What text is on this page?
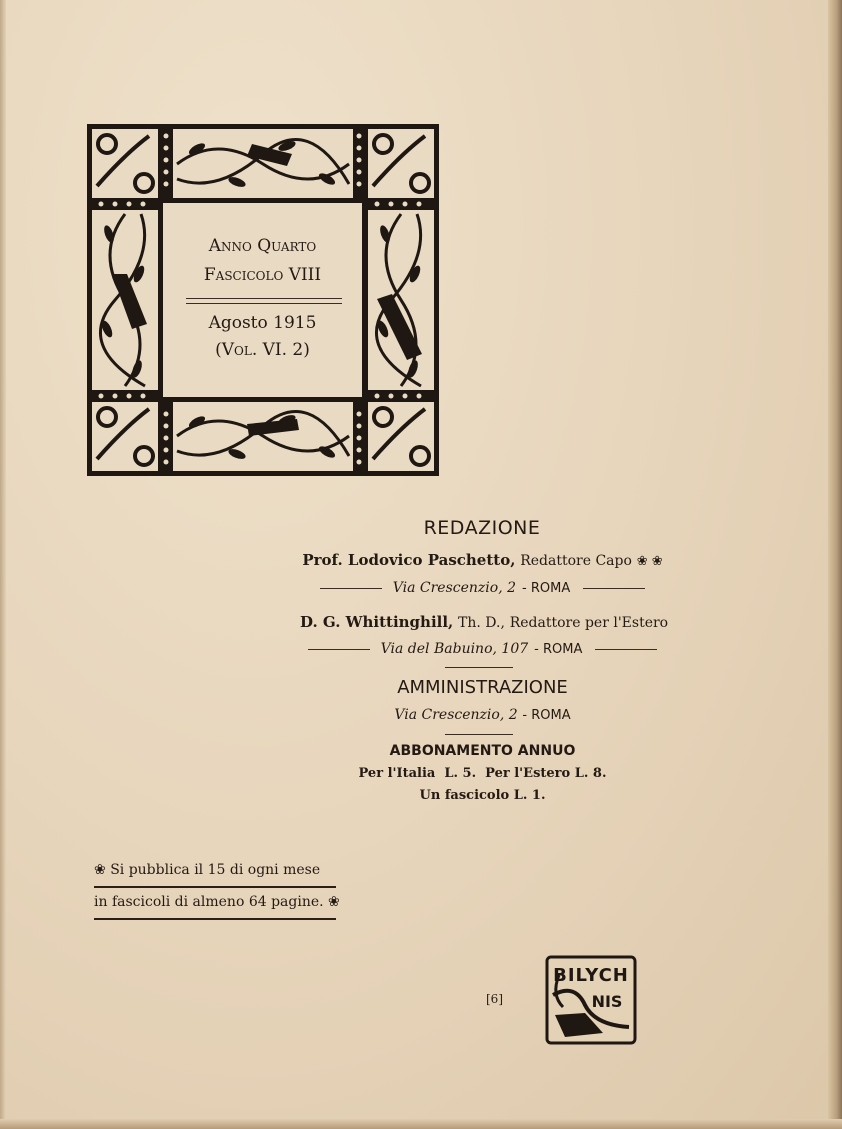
Anno Quarto
Fascicolo VIII
Agosto 1915
(Vol. VI. 2)
REDAZIONE
Prof. Lodovico Paschetto, Redattore Capo ❀ ❀
Via Crescenzio, 2 - ROMA
D. G. Whittinghill, Th. D., Redattore per l'Estero
Via del Babuino, 107 - ROMA
AMMINISTRAZIONE
Via Crescenzio, 2 - ROMA
ABBONAMENTO ANNUO
Per l'Italia  L. 5.  Per l'Estero L. 8.
Un fascicolo L. 1.
❀ Si pubblica il 15 di ogni mese
in fascicoli di almeno 64 pagine. ❀
[6]
BILYCH
NIS
